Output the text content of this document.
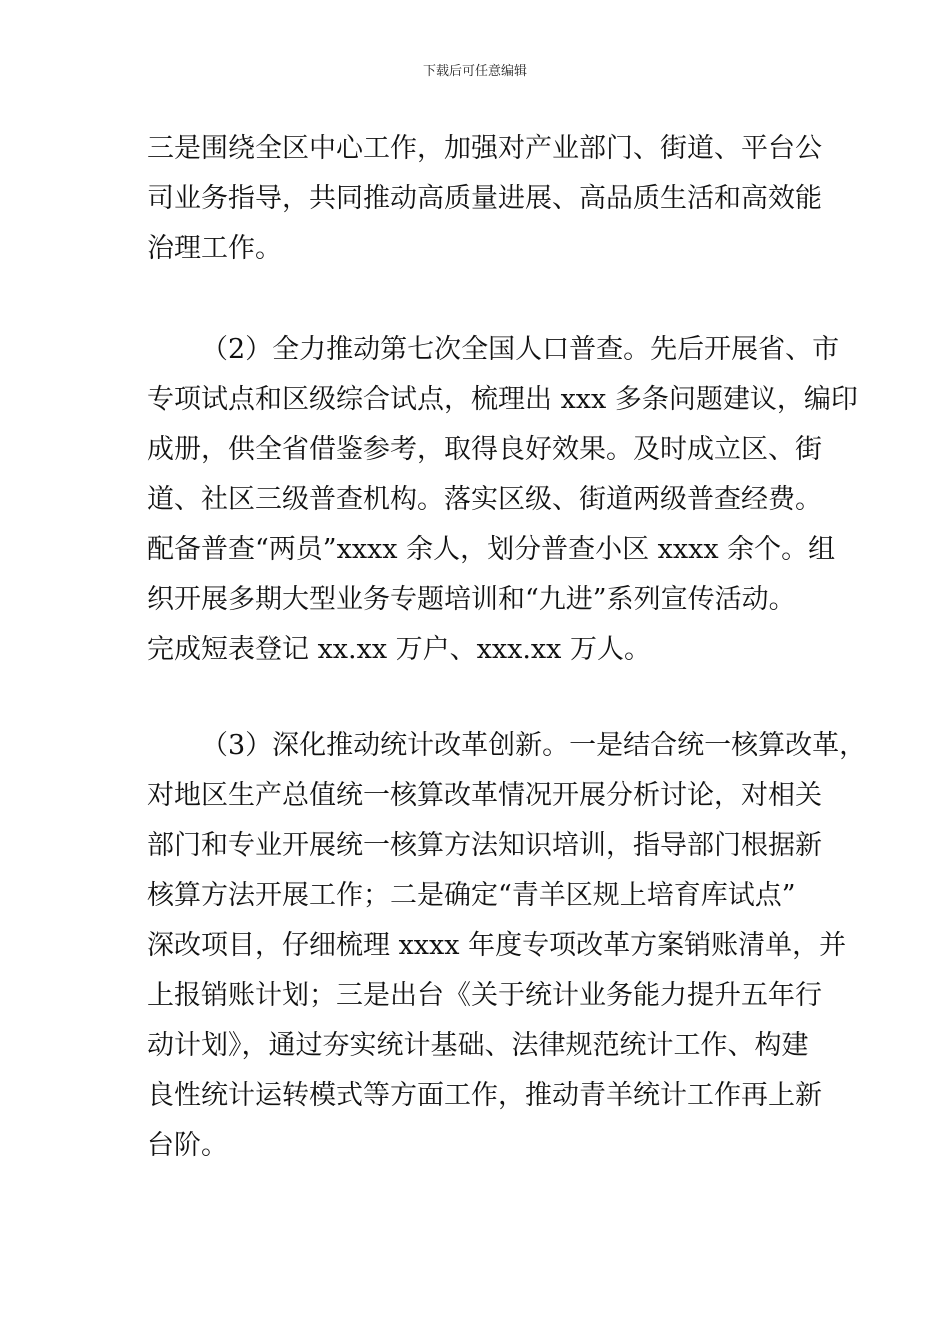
下载后可任意编辑
三是围绕全区中心工作，加强对产业部门、街道、平台公
司业务指导，共同推动高质量进展、高品质生活和高效能
治理工作。
（2）全力推动第七次全国人口普查。先后开展省、市
专项试点和区级综合试点，梳理出 xxx 多条问题建议，编印
成册，供全省借鉴参考，取得良好效果。及时成立区、街
道、社区三级普查机构。落实区级、街道两级普查经费。
配备普查“两员”xxxx 余人，划分普查小区 xxxx 余个。组
织开展多期大型业务专题培训和“九进”系列宣传活动。
完成短表登记 xx.xx 万户、xxx.xx 万人。
（3）深化推动统计改革创新。一是结合统一核算改革，
对地区生产总值统一核算改革情况开展分析讨论，对相关
部门和专业开展统一核算方法知识培训，指导部门根据新
核算方法开展工作；二是确定“青羊区规上培育库试点”
深改项目，仔细梳理 xxxx 年度专项改革方案销账清单，并
上报销账计划；三是出台《关于统计业务能力提升五年行
动计划》，通过夯实统计基础、法律规范统计工作、构建
良性统计运转模式等方面工作，推动青羊统计工作再上新
台阶。
